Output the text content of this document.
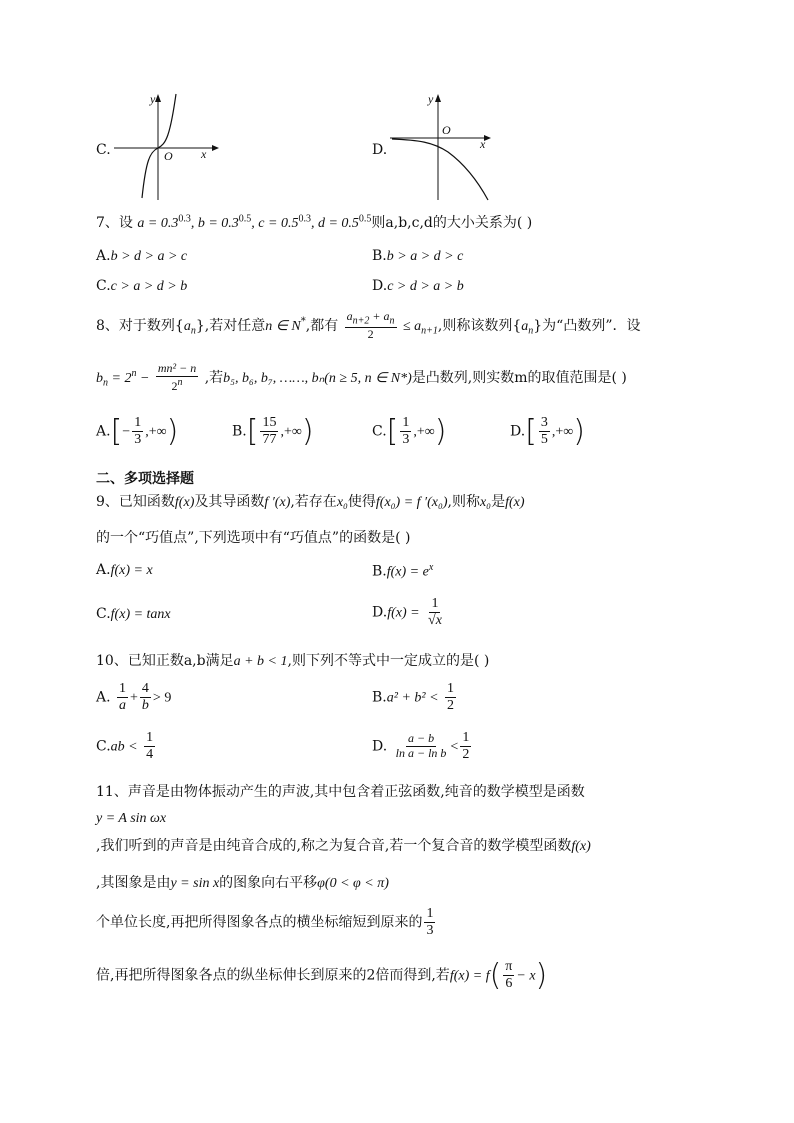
C.
y
O x	D.
y
O
x
7、设 $a = 0.3^{0.3}$, $b = 0.3^{0.5}$, $c = 0.5^{0.3}$, $d = 0.5^{0.5}$则a,b,c,d的大小关系为( )
A.b > d > a > c	B.b > a > d > c
C.c > a > d > b	D.c > d > a > b
8、对于数列$\{a_n\}$,若对任意n ∈ N*,都有 $\frac{a_{n+2} + a_n}{2} \le a_{n+1}$,则称该数列$\{a_n\}$为“凸数列”．设
$b_n = 2^n - \frac{\text{mn² − n}}{2^n}$ ,若b₅, b₆, b₇, ……, bₙ(n ≥ 5, n ∈ N*)是凸数列,则实数m的取值范围是( )
$A.[- \frac{1}{3}$ ,+∞)	$B.[ \frac{15}{77}$ ,+∞)	$C.[ \frac{1}{3}$ ,+∞)	$D.[ \frac{3}{5}$ ,+∞)
二、多项选择题
9、已知函数f(x)及其导函数f ′(x),若存在x₀使得f(x₀) = f ′(x₀),则称x₀是f(x)
的一个“巧值点”,下列选项中有“巧值点”的函数是( )
A.f(x) = x	$B.f(x) = e^x$
C.f(x) = tanx	$D.f(x) = \frac{1}{√x}$
10、已知正数a,b满足a + b < 1,则下列不等式中一定成立的是( )
A. $\frac{1}{a} + \frac{4}{b} > 9$	$B.a^2 + b^2 < \frac{1}{2}$
$C.ab < \frac{1}{4}$	D. $\frac{a - b}{\text{ln a − ln b}} < \frac{1}{2}$
11、声音是由物体振动产生的声波,其中包含着正弦函数,纯音的数学模型是函数
y = A sin ωx
,我们听到的声音是由纯音合成的,称之为复合音,若一个复合音的数学模型函数f(x)
,其图象是由y = sin x的图象向右平移φ(0 < φ < π)
个单位长度,再把所得图象各点的横坐标缩短到原来的 $\frac{1}{3}$
倍,再把所得图象各点的纵坐标伸长到原来的2倍而得到,若$f(x) = f( \frac{\pi}{6} - x)$
